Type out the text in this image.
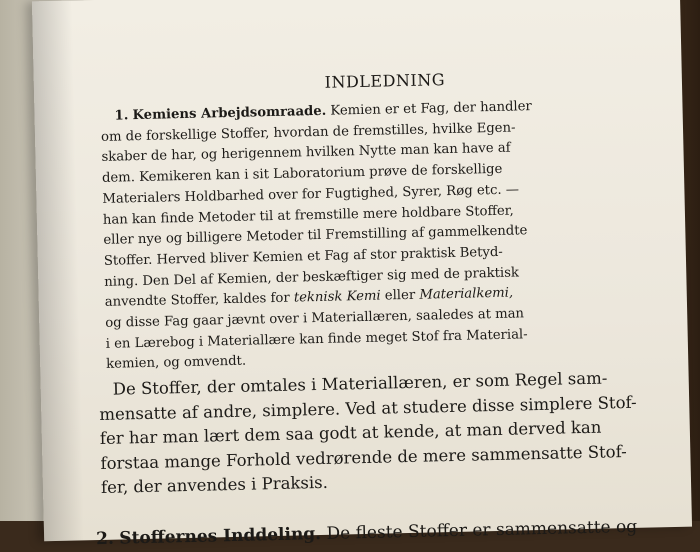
INDLEDNING
1. Kemiens Arbejdsomraade. Kemien er et Fag, der handler
om de forskellige Stoffer, hvordan de fremstilles, hvilke Egen-
skaber de har, og herigennem hvilken Nytte man kan have af
dem. Kemikeren kan i sit Laboratorium prøve de forskellige
Materialers Holdbarhed over for Fugtighed, Syrer, Røg etc. —
han kan finde Metoder til at fremstille mere holdbare Stoffer,
eller nye og billigere Metoder til Fremstilling af gammelkendte
Stoffer. Herved bliver Kemien et Fag af stor praktisk Betyd-
ning. Den Del af Kemien, der beskæftiger sig med de praktisk
anvendte Stoffer, kaldes for teknisk Kemi eller Materialkemi,
og disse Fag gaar jævnt over i Materiallæren, saaledes at man
i en Lærebog i Materiallære kan finde meget Stof fra Material-
kemien, og omvendt.
De Stoffer, der omtales i Materiallæren, er som Regel sam-
mensatte af andre, simplere. Ved at studere disse simplere Stof-
fer har man lært dem saa godt at kende, at man derved kan
forstaa mange Forhold vedrørende de mere sammensatte Stof-
fer, der anvendes i Praksis.
2. Stoffernes Inddeling. De fleste Stoffer er sammensatte og
